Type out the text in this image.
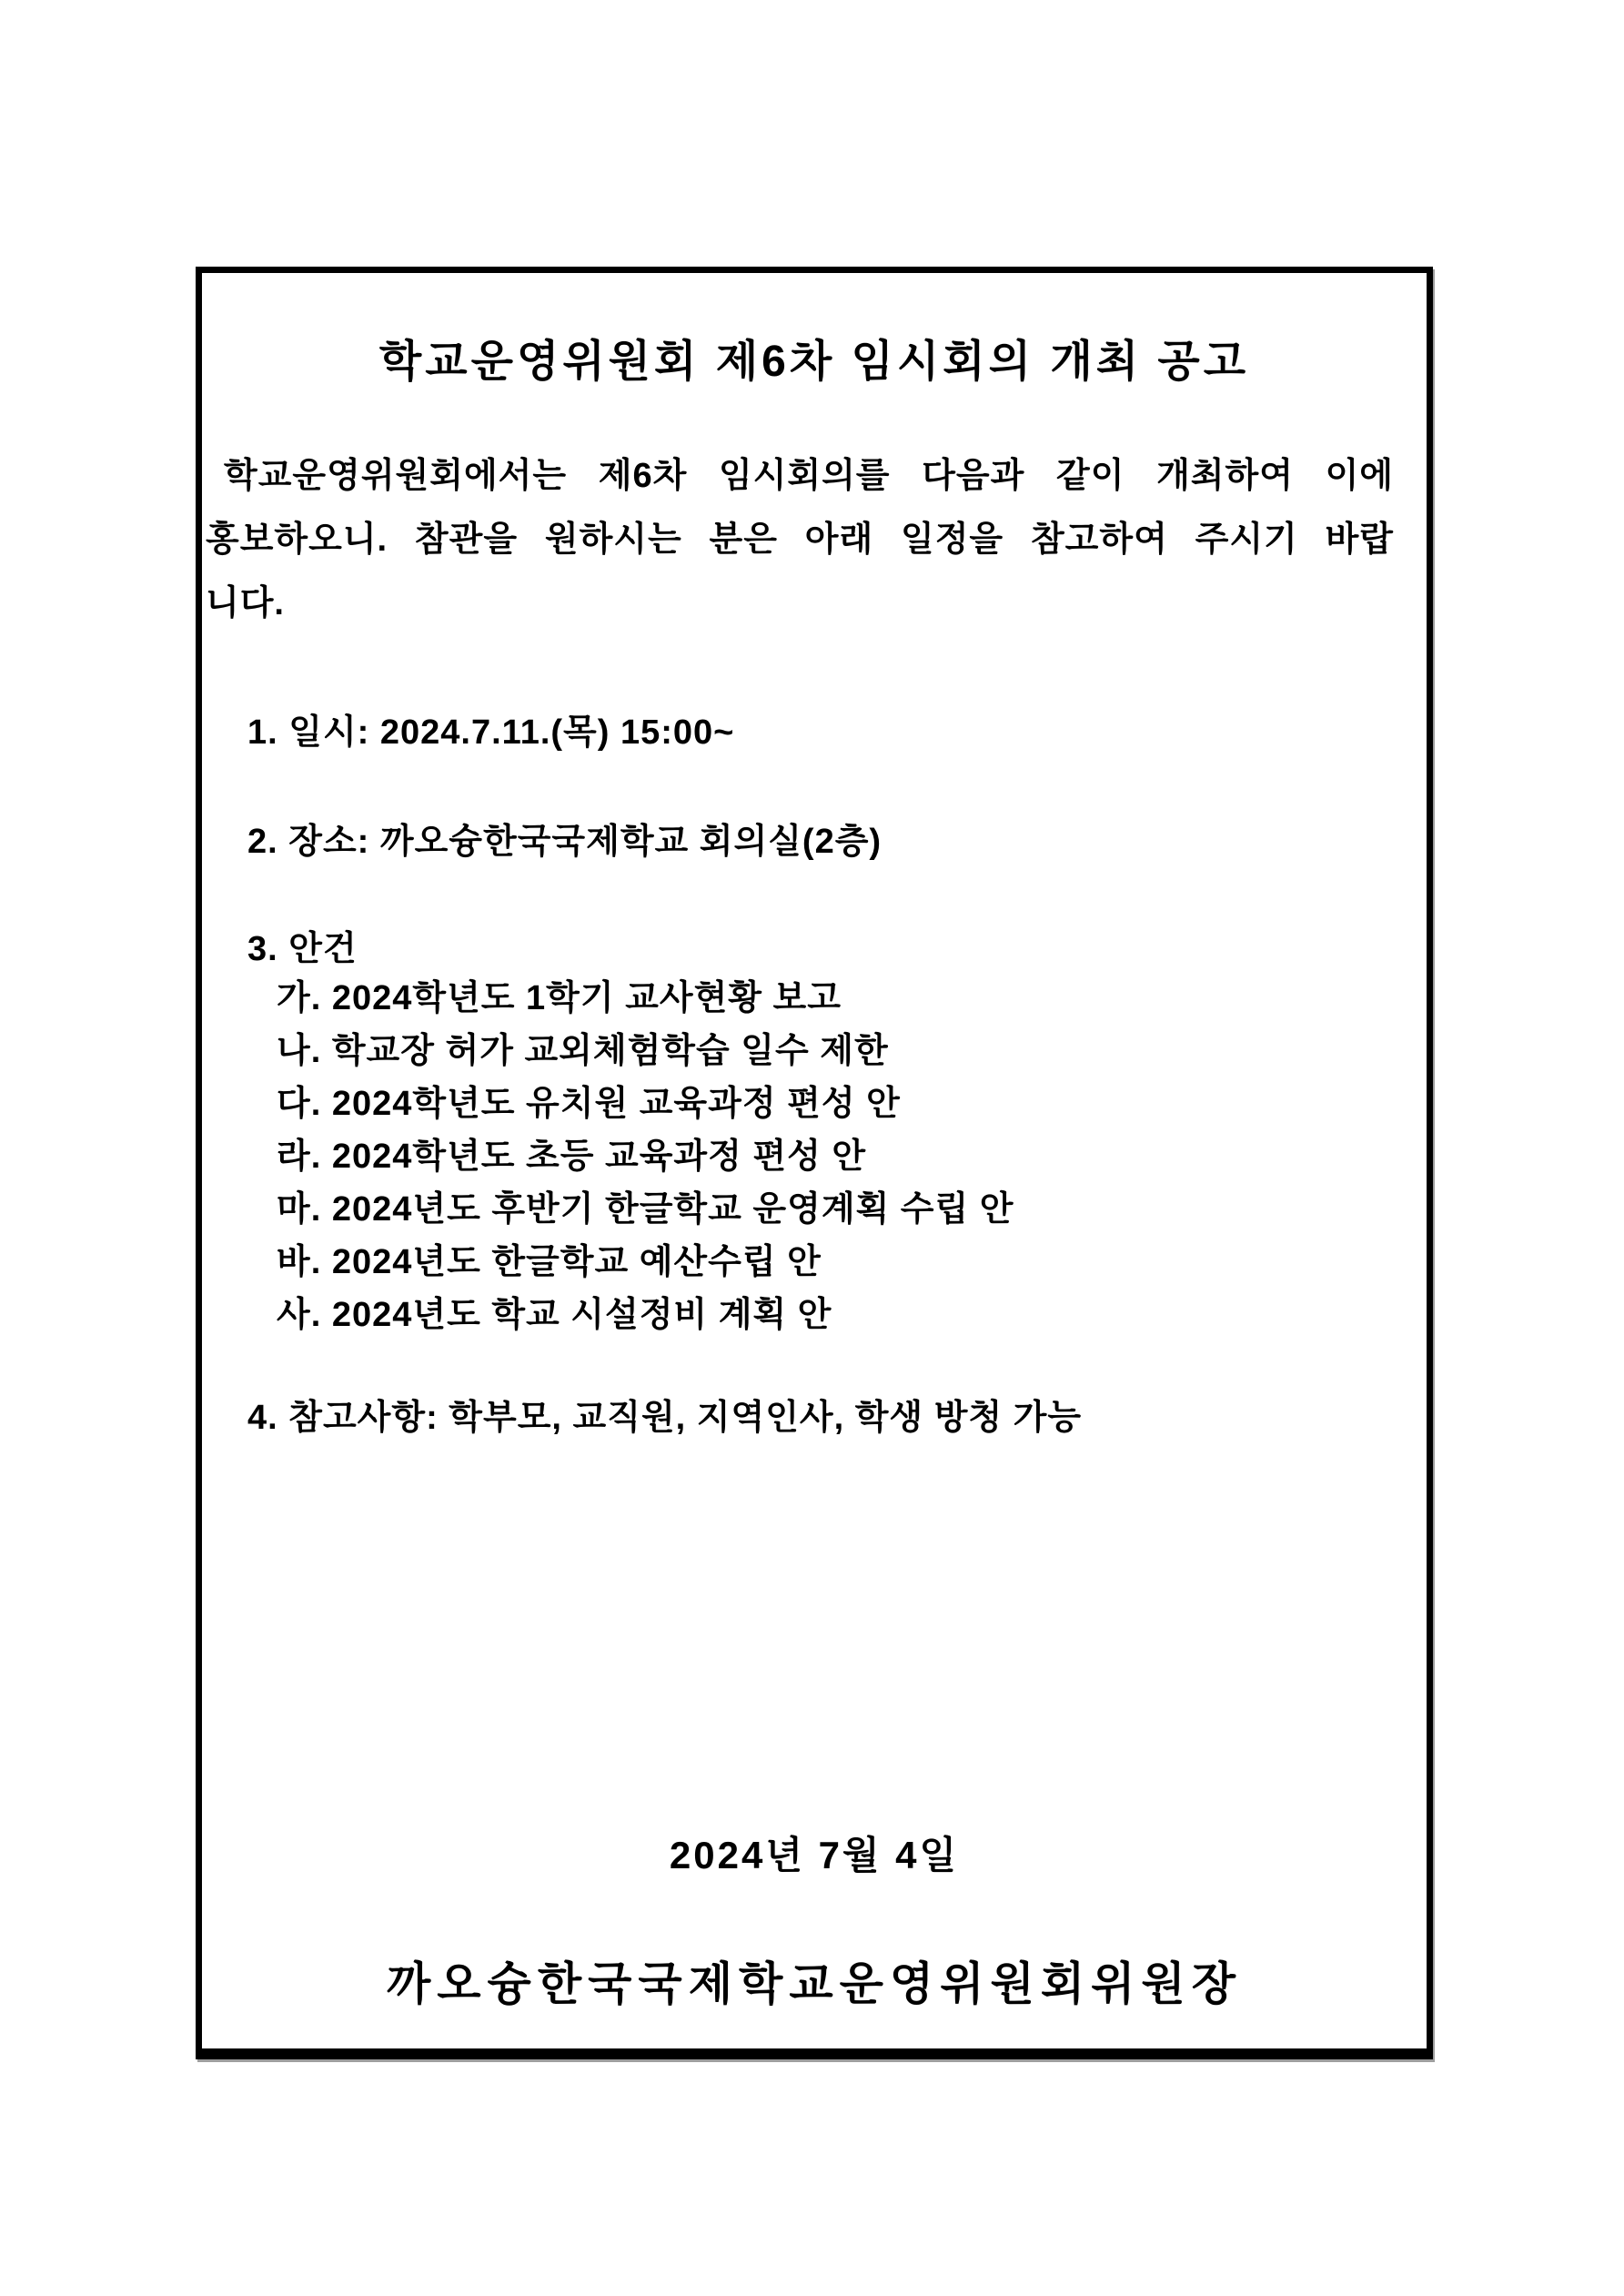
학교운영위원회 제6차 임시회의 개최 공고
학교운영위원회에서는 제6차 임시회의를 다음과 같이 개최하여 이에
홍보하오니. 참관을 원하시는 분은 아래 일정을 참고하여 주시기 바랍
니다.
1. 일시: 2024.7.11.(목) 15:00~
2. 장소: 까오슝한국국제학교 회의실(2층)
3. 안건
가. 2024학년도 1학기 교사현황 보고
나. 학교장 허가 교외체험학습 일수 제한
다. 2024학년도 유치원 교육과정 편성 안
라. 2024학년도 초등 교육과정 편성 안
마. 2024년도 후반기 한글학교 운영계획 수립 안
바. 2024년도 한글학교 예산수립 안
사. 2024년도 학교 시설정비 계획 안
4. 참고사항: 학부모, 교직원, 지역인사, 학생 방청 가능
2024년 7월 4일
까오슝한국국제학교운영위원회위원장
